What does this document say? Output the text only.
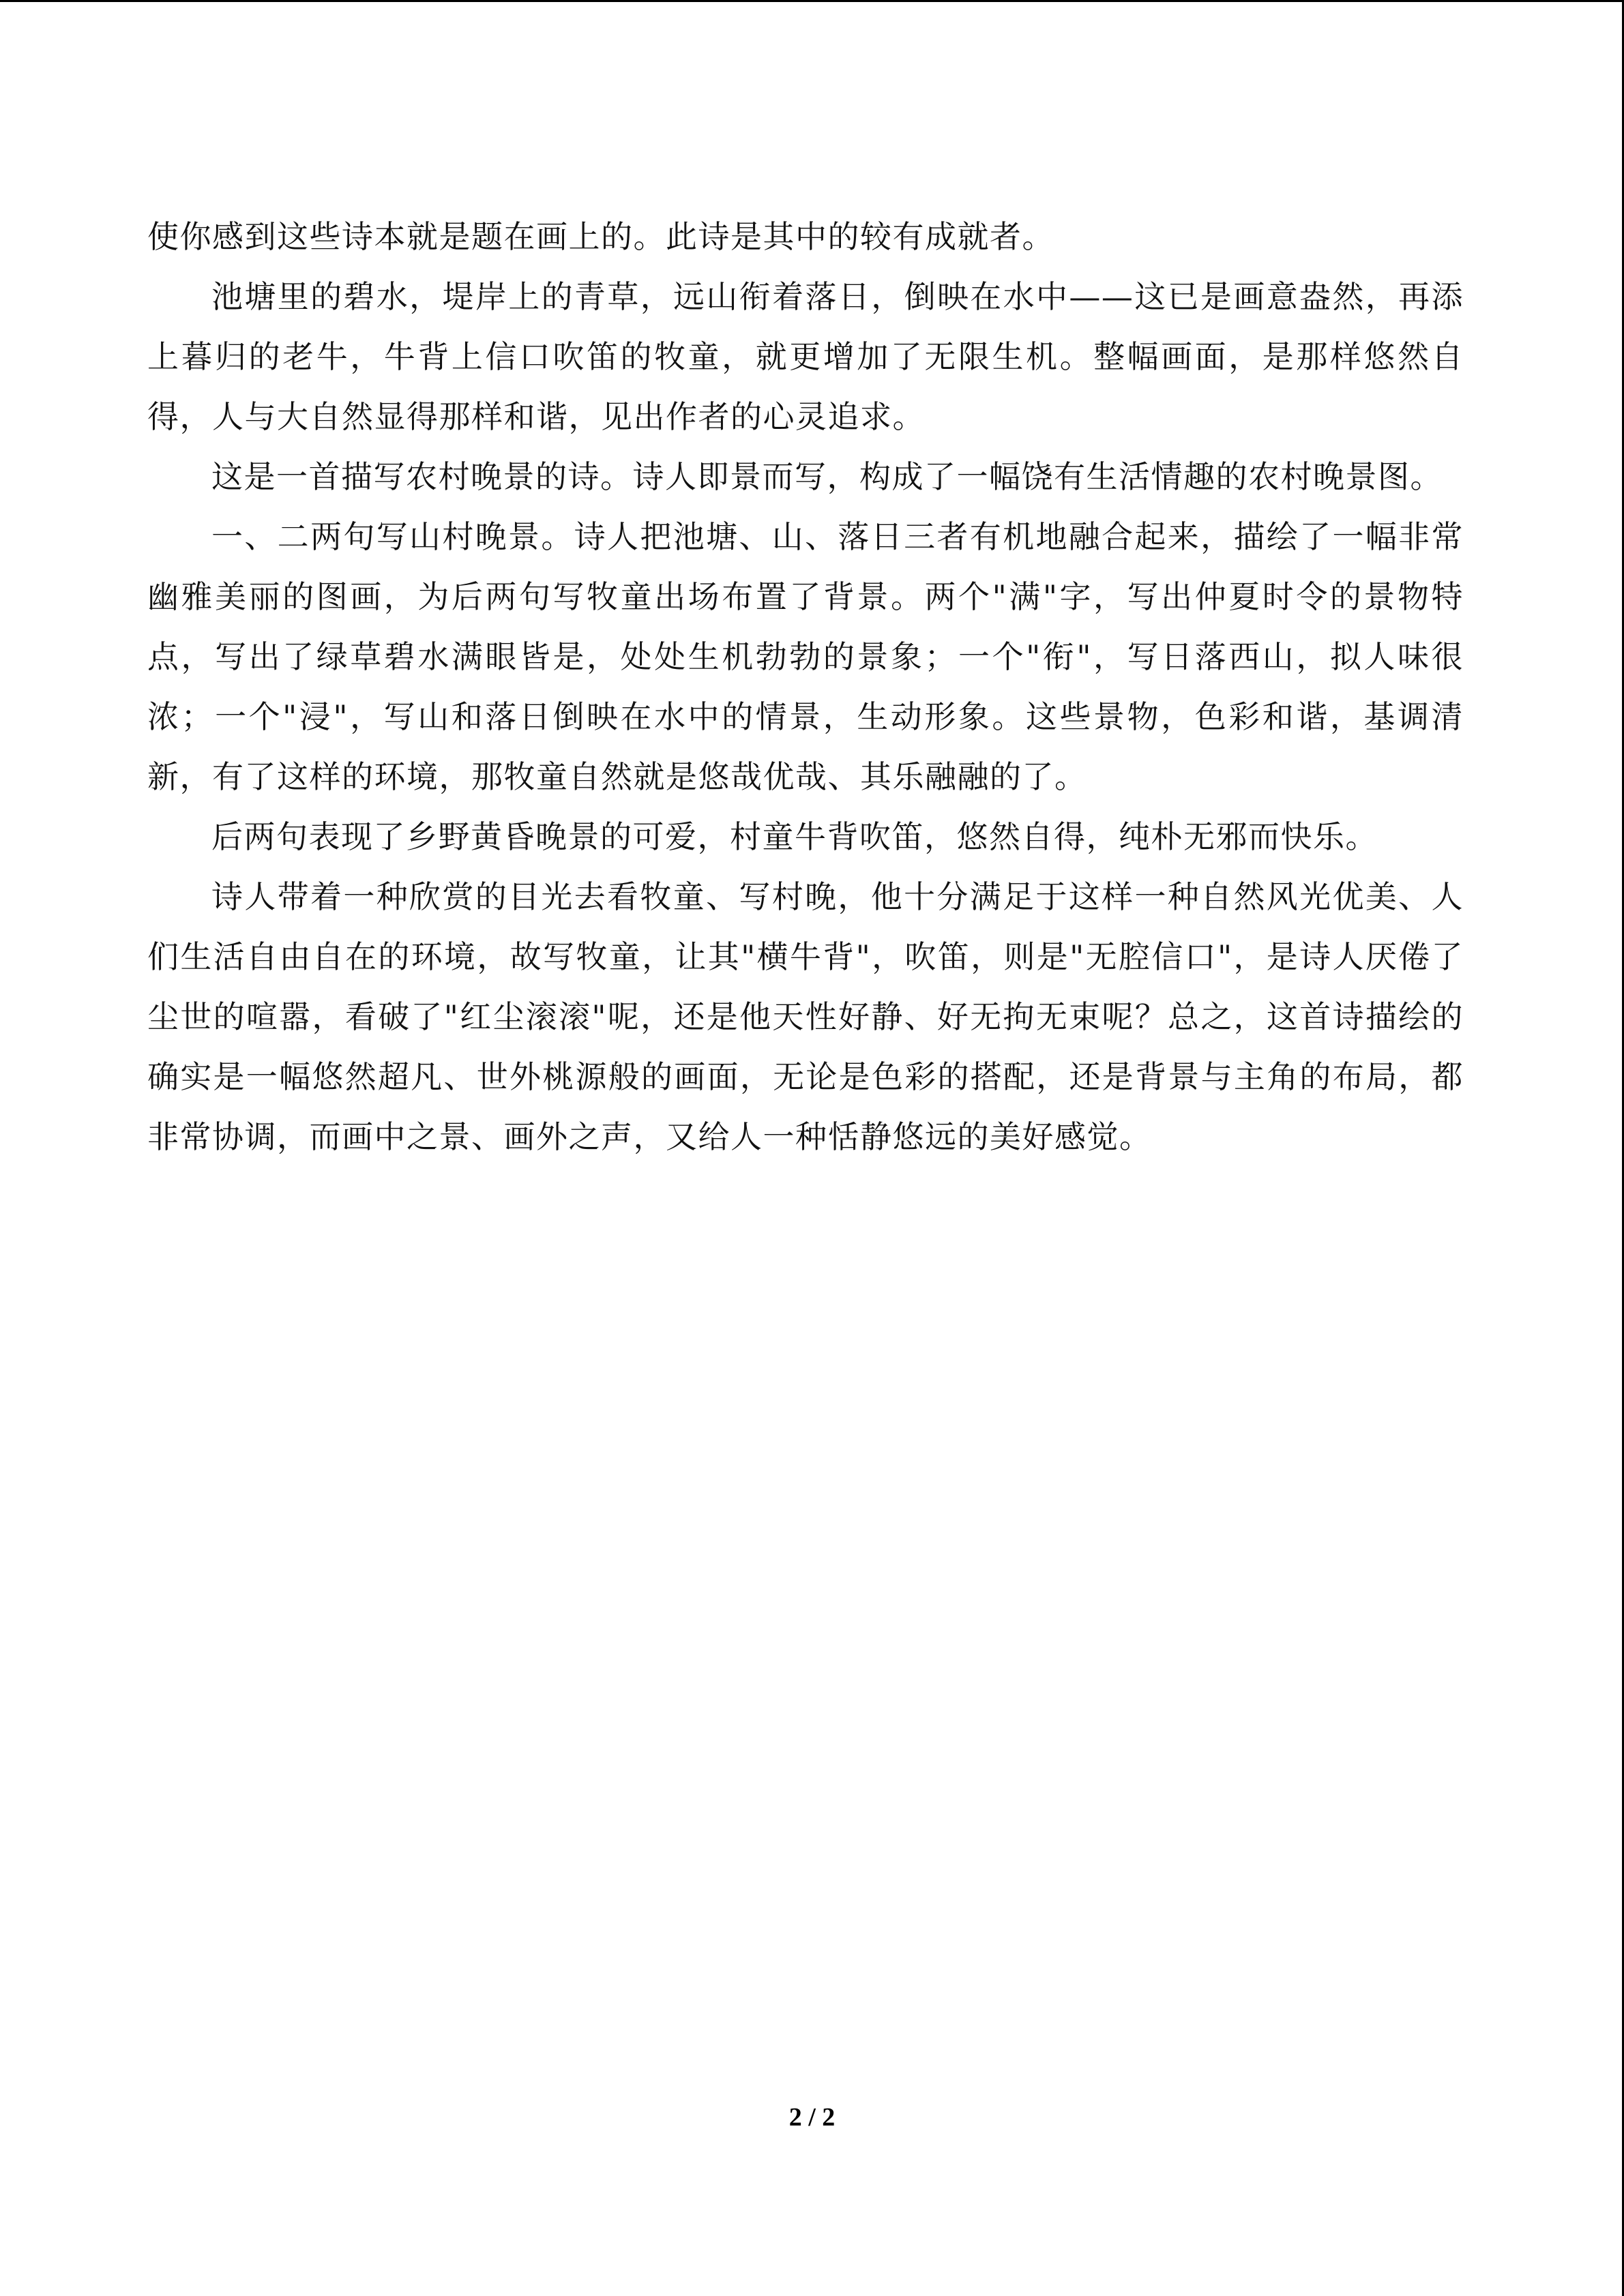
使你感到这些诗本就是题在画上的。此诗是其中的较有成就者。

池塘里的碧水，堤岸上的青草，远山衔着落日，倒映在水中——这已是画意盎然，再添上暮归的老牛，牛背上信口吹笛的牧童，就更增加了无限生机。整幅画面，是那样悠然自得，人与大自然显得那样和谐，见出作者的心灵追求。

这是一首描写农村晚景的诗。诗人即景而写，构成了一幅饶有生活情趣的农村晚景图。

一、二两句写山村晚景。诗人把池塘、山、落日三者有机地融合起来，描绘了一幅非常幽雅美丽的图画，为后两句写牧童出场布置了背景。两个"满"字，写出仲夏时令的景物特点，写出了绿草碧水满眼皆是，处处生机勃勃的景象；一个"衔"，写日落西山，拟人味很浓；一个"浸"，写山和落日倒映在水中的情景，生动形象。这些景物，色彩和谐，基调清新，有了这样的环境，那牧童自然就是悠哉优哉、其乐融融的了。

后两句表现了乡野黄昏晚景的可爱，村童牛背吹笛，悠然自得，纯朴无邪而快乐。

诗人带着一种欣赏的目光去看牧童、写村晚，他十分满足于这样一种自然风光优美、人们生活自由自在的环境，故写牧童，让其"横牛背"，吹笛，则是"无腔信口"，是诗人厌倦了尘世的喧嚣，看破了"红尘滚滚"呢，还是他天性好静、好无拘无束呢？总之，这首诗描绘的确实是一幅悠然超凡、世外桃源般的画面，无论是色彩的搭配，还是背景与主角的布局，都非常协调，而画中之景、画外之声，又给人一种恬静悠远的美好感觉。

2 / 2
